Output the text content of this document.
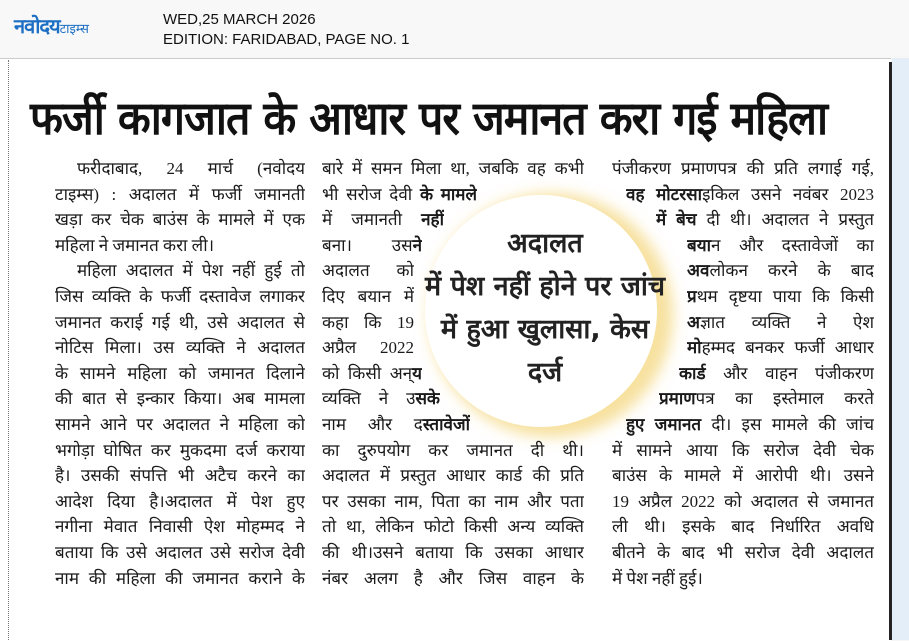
नवोदयटाइम्स
WED,25 MARCH 2026
EDITION: FARIDABAD, PAGE NO. 1
फर्जी कागजात के आधार पर जमानत करा गई महिला
अदालत
में पेश नहीं होने पर जांच
में हुआ खुलासा, केस
दर्ज
फरीदाबाद, 24 मार्च (नवोदय
टाइम्स) : अदालत में फर्जी जमानती
खड़ा कर चेक बाउंस के मामले में एक
महिला ने जमानत करा ली।
महिला अदालत में पेश नहीं हुई तो
जिस व्यक्ति के फर्जी दस्तावेज लगाकर
जमानत कराई गई थी, उसे अदालत से
नोटिस मिला। उस व्यक्ति ने अदालत
के सामने महिला को जमानत दिलाने
की बात से इन्कार किया। अब मामला
सामने आने पर अदालत ने महिला को
भगोड़ा घोषित कर मुकदमा दर्ज कराया
है। उसकी संपत्ति भी अटैच करने का
आदेश दिया है।अदालत में पेश हुए
नगीना मेवात निवासी ऐश मोहम्मद ने
बताया कि उसे अदालत उसे सरोज देवी
नाम की महिला की जमानत कराने के
बारे में समन मिला था, जबकि वह कभी
भी सरोज देवी के मामले
में जमानती नहीं
बना। उसने
अदालत को
दिए बयान में
कहा कि 19
अप्रैल 2022
को किसी अन्य
व्यक्ति ने उसके
नाम और दस्तावेजों
का दुरुपयोग कर जमानत दी थी।
अदालत में प्रस्तुत आधार कार्ड की प्रति
पर उसका नाम, पिता का नाम और पता
तो था, लेकिन फोटो किसी अन्य व्यक्ति
की थी।उसने बताया कि उसका आधार
नंबर अलग है और जिस वाहन के
पंजीकरण प्रमाणपत्र की प्रति लगाई गई,
वह मोटरसाइकिल उसने नवंबर 2023
में बेच दी थी। अदालत ने प्रस्तुत
बयान और दस्तावेजों का
अवलोकन करने के बाद
प्रथम दृष्टया पाया कि किसी
अज्ञात व्यक्ति ने ऐश
मोहम्मद बनकर फर्जी आधार
कार्ड और वाहन पंजीकरण
प्रमाणपत्र का इस्तेमाल करते
हुए जमानत दी। इस मामले की जांच
में सामने आया कि सरोज देवी चेक
बाउंस के मामले में आरोपी थी। उसने
19 अप्रैल 2022 को अदालत से जमानत
ली थी। इसके बाद निर्धारित अवधि
बीतने के बाद भी सरोज देवी अदालत
में पेश नहीं हुई।
